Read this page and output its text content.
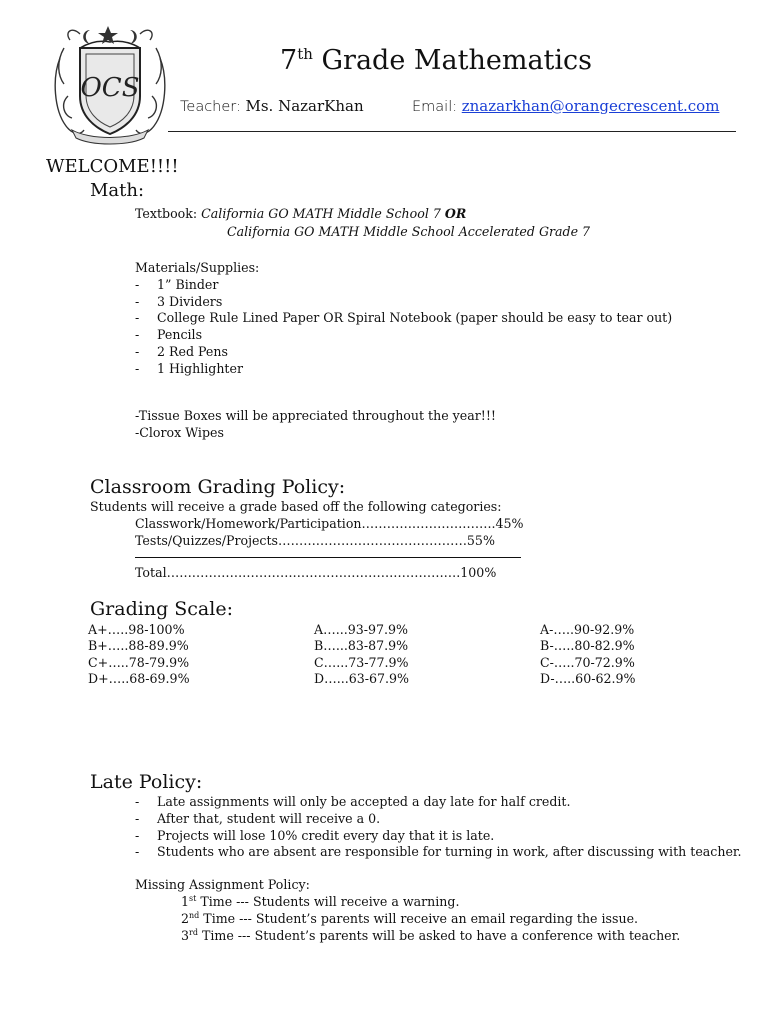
OCS
7th Grade Mathematics
Teacher: Ms. NazarKhan	Email: znazarkhan@orangecrescent.com
WELCOME!!!!
Math:
Textbook: California GO MATH Middle School 7 OR
California GO MATH Middle School Accelerated Grade 7
Materials/Supplies:
- 1” Binder
- 3 Dividers
- College Rule Lined Paper OR Spiral Notebook (paper should be easy to tear out)
- Pencils
- 2 Red Pens
- 1 Highlighter
-Tissue Boxes will be appreciated throughout the year!!!
-Clorox Wipes
Classroom Grading Policy:
Students will receive a grade based off the following categories:
Classwork/Homework/Participation…………………………..45%
Tests/Quizzes/Projects………………………………………55%
Total…………………………………………………………….100%
Grading Scale:
A+…..98-100%	A…...93-97.9%	A-…..90-92.9%
B+…..88-89.9%	B…...83-87.9%	B-…..80-82.9%
C+…..78-79.9%	C…...73-77.9%	C-…..70-72.9%
D+…..68-69.9%	D…...63-67.9%	D-…..60-62.9%
Late Policy:
- Late assignments will only be accepted a day late for half credit.
- After that, student will receive a 0.
- Projects will lose 10% credit every day that it is late.
- Students who are absent are responsible for turning in work, after discussing with teacher.
Missing Assignment Policy:
1st Time --- Students will receive a warning.
2nd Time --- Student’s parents will receive an email regarding the issue.
3rd Time --- Student’s parents will be asked to have a conference with teacher.
